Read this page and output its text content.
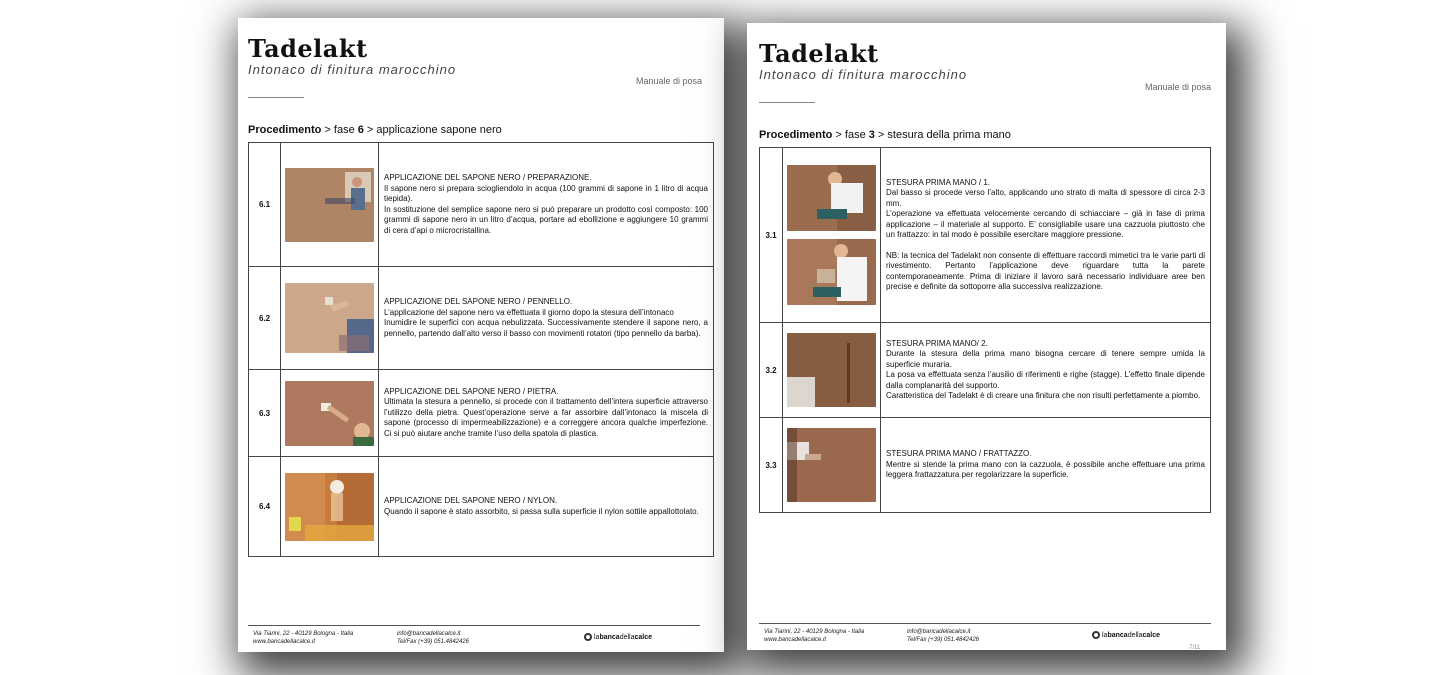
Tadelakt
Intonaco di finitura marocchino
Manuale di posa
Procedimento > fase 6 > applicazione sapone nero
6.1		APPLICAZIONE DEL SAPONE NERO / PREPARAZIONE.

Il sapone nero si prepara sciogliendolo in acqua (100 grammi di sapone in 1 litro di acqua tiepida).

In sostituzione del semplice sapone nero si può preparare un prodotto così composto: 100 grammi di sapone nero in un litro d’acqua, portare ad ebollizione e aggiungere 10 grammi di cera d’api o microcristallina.

6.2		APPLICAZIONE DEL SAPONE NERO / PENNELLO.

L’applicazione del sapone nero va effettuata il giorno dopo la stesura dell’intonaco

Inumidire le superfici con acqua nebulizzata. Successivamente stendere il sapone nero, a pennello, partendo dall’alto verso il basso con movimenti rotatori (tipo pennello da barba).

6.3		APPLICAZIONE DEL SAPONE NERO / PIETRA.

Ultimata la stesura a pennello, si procede con il trattamento dell’intera superficie attraverso l’utilizzo della pietra. Quest’operazione serve a far assorbire dall’intonaco la miscela di sapone (processo di impermeabilizzazione) e a correggere ancora qualche imperfezione. Ci si può aiutare anche tramite l’uso della spatola di plastica.

6.4		APPLICAZIONE DEL SAPONE NERO / NYLON.

Quando il sapone è stato assorbito, si passa sulla superficie il nylon sottile appallottolato.

Via Tiarini, 22 - 40129 Bologna - Italia
www.bancadellacalce.it
info@bancadellacalce.it
Tel/Fax (+39) 051.4842426
labancadellacalce
Tadelakt
Intonaco di finitura marocchino
Manuale di posa
Procedimento > fase 3 > stesura della prima mano
3.1		STESURA PRIMA MANO / 1.

Dal basso si procede verso l’alto, applicando uno strato di malta di spessore di circa 2-3 mm.

L’operazione va effettuata velocemente cercando di schiacciare – già in fase di prima applicazione – il materiale al supporto. E’ consigliabile usare una cazzuola piuttosto che un frattazzo: in tal modo è possibile esercitare maggiore pressione.

NB: la tecnica del Tadelakt non consente di effettuare raccordi mimetici tra le varie parti di rivestimento. Pertanto l’applicazione deve riguardare tutta la parete contemporaneamente. Prima di iniziare il lavoro sarà necessario individuare aree ben precise e definite da sottoporre alla successiva realizzazione.

3.2		STESURA PRIMA MANO/ 2.

Durante la stesura della prima mano bisogna cercare di tenere sempre umida la superficie muraria.

La posa va effettuata senza l’ausilio di riferimenti e righe (stagge). L’effetto finale dipende dalla complanarità del supporto.

Caratteristica del Tadelakt è di creare una finitura che non risulti perfettamente a piombo.

3.3		STESURA PRIMA MANO / FRATTAZZO.

Mentre si stende la prima mano con la cazzuola, è possibile anche effettuare una prima leggera frattazzatura per regolarizzare la superficie.

Via Tiarini, 22 - 40129 Bologna - Italia
www.bancadellacalce.it
info@bancadellacalce.it
Tel/Fax (+39) 051.4842426
labancadellacalce
7/11
